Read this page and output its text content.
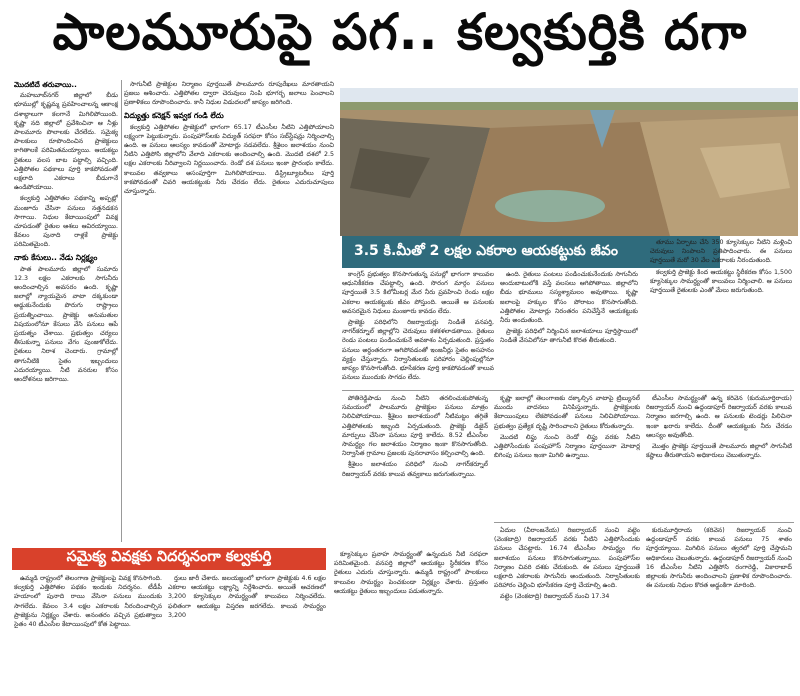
పాలమూరుపై పగ.. కల్వకుర్తికి దగా
మొదటిదే తరువాయి..

మహబూబ్‌నగర్‌ జిల్లాలో బీడు భూముల్లో కృష్ణమ్మ ప్రవహించాలన్న ఆకాంక్ష దశాబ్దాలుగా కలగానే మిగిలిపోయింది. కృష్ణా నది జిల్లాలో ప్రవేశించినా ఆ నీళ్లు పాలమూరు పొలాలకు చేరలేదు. సమైక్య పాలకులు రూపొందించిన ప్రాజెక్టులు కాగితాలకే పరిమితమయ్యాయి. ఆయకట్టు రైతులు వలస బాట పట్టాల్సి వచ్చింది. ఎత్తిపోతల పథకాలు పూర్తి కాకపోవడంతో లక్షలాది ఎకరాలు బీడుగానే ఉండిపోయాయి.

కల్వకుర్తి ఎత్తిపోతల పథకాన్ని అప్పట్లో మంజూరు చేసినా పనులు నత్తనడకన సాగాయి. నిధుల కేటాయింపులో వివక్ష చూపడంతో రైతుల ఆశలు ఆవిరయ్యాయి. కేవలం పునాది రాళ్లకే ప్రాజెక్టు పరిమితమైంది.

నాకు కేసులు.. నేడు నిర్లక్ష్యం

పాత పాలమూరు జిల్లాలో సుమారు 12.3 లక్షల ఎకరాలకు సాగునీరు అందించాల్సిన అవసరం ఉంది. కృష్ణా జలాల్లో న్యాయమైన వాటా దక్కకుండా అడ్డుకునేందుకు పొరుగు రాష్ట్రాలు ప్రయత్నించాయి. ప్రాజెక్టు అనుమతుల విషయంలోనూ కేసులు వేసి పనులు ఆపే ప్రయత్నం చేశాయి. ప్రభుత్వం చర్యలు తీసుకున్నా పనులు వేగం పుంజుకోలేదు. రైతులు నిరాశ చెందారు. గ్రామాల్లో తాగునీటికి సైతం ఇబ్బందులు ఎదురయ్యాయి. నీటి వనరుల కోసం ఆందోళనలు జరిగాయి.

సాగునీటి ప్రాజెక్టుల నిర్మాణం పూర్తయితే పాలమూరు రూపురేఖలు మారతాయని ప్రజలు ఆశించారు. ఎత్తిపోతల ద్వారా చెరువులు నింపి భూగర్భ జలాలు పెంచాలని ప్రణాళికలు రూపొందించారు. కానీ నిధుల విడుదలలో జాప్యం జరిగింది.

విద్యుత్తు కనెక్షన్‌ ఇవ్వక గండి లేదు

కల్వకుర్తి ఎత్తిపోతల ప్రాజెక్టులో భాగంగా 65.17 టీఎంసీల నీటిని ఎత్తిపోయాలని లక్ష్యంగా పెట్టుకున్నారు. పంపుహౌస్‌లకు విద్యుత్‌ సరఫరా కోసం సబ్‌స్టేషన్లు నిర్మించాల్సి ఉంది. ఆ పనులు ఆలస్యం కావడంతో మోటార్లు నడవలేదు. శ్రీశైలం జలాశయం నుంచి నీటిని ఎత్తిపోసి జిల్లాలోని వేలాది ఎకరాలకు అందించాల్సి ఉంది. మొదటి దశలో 2.5 లక్షల ఎకరాలకు నీరివ్వాలని నిర్ణయించారు. రెండో దశ పనులు ఇంకా ప్రారంభం కాలేదు. కాలువల తవ్వకాలు అసంపూర్తిగా మిగిలిపోయాయి. డిస్ట్రిబ్యూటరీలు పూర్తి కాకపోవడంతో చివరి ఆయకట్టుకు నీరు చేరడం లేదు. రైతులు ఎదురుచూపులు చూస్తున్నారు.

3.5 కి.మీతో 2 లక్షల ఎకరాల ఆయకట్టుకు జీవం

కాంగ్రెస్‌ ప్రభుత్వం కొనసాగుతున్న పనుల్లో భాగంగా కాలువల ఆధునికీకరణ చేపట్టాల్సి ఉంది. సొరంగ మార్గం పనులు పూర్తయితే 3.5 కిలోమీటర్ల మేర నీరు ప్రవహించి రెండు లక్షల ఎకరాల ఆయకట్టుకు జీవం పోస్తుంది. అయితే ఆ పనులకు అవసరమైన నిధులు మంజూరు కావడం లేదు.

ప్రాజెక్టు పరిధిలోని రిజర్వాయర్లు నిండితే వనపర్తి, నాగర్‌కర్నూల్‌ జిల్లాల్లోని చెరువులు కళకళలాడతాయి. రైతులు రెండు పంటలు పండించుకునే అవకాశం ఏర్పడుతుంది. ప్రస్తుతం పనులు అర్ధంతరంగా ఆగిపోవడంతో ఇంజనీర్లు సైతం అసహనం వ్యక్తం చేస్తున్నారు. నిర్వాసితులకు పరిహారం చెల్లింపుల్లోనూ జాప్యం కొనసాగుతోంది. భూసేకరణ పూర్తి కాకపోవడంతో కాలువ పనులు ముందుకు సాగడం లేదు.

ఉంది. రైతులు పంటలు పండించుకునేందుకు సాగునీరు అందుబాటులోకి వస్తే వలసలు ఆగిపోతాయి. జిల్లాలోని బీడు భూములు సస్యశ్యామలం అవుతాయి. కృష్ణా జలాలపై హక్కుల కోసం పోరాటం కొనసాగుతోంది. ఎత్తిపోతల మోటార్లు నిరంతరం పనిచేస్తేనే ఆయకట్టుకు నీరు అందుతుంది.

ప్రాజెక్టు పరిధిలో నిర్మించిన జలాశయాలు పూర్తిస్థాయిలో నిండితే వేసవిలోనూ తాగునీటి కొరత తీరుతుంది.

తూము ఏర్పాటు చేసి 350 క్యూసెక్కుల నీటిని మళ్లించి చెరువులు నింపాలని ప్రతిపాదించారు. ఈ పనులు పూర్తయితే మరో 30 వేల ఎకరాలకు నీరందుతుంది.

కల్వకుర్తి ప్రాజెక్టు కింద ఆయకట్టు స్థిరీకరణ కోసం 1,500 క్యూసెక్కుల సామర్థ్యంతో కాలువలు నిర్మించాలి. ఆ పనులు పూర్తయితే రైతులకు ఎంతో మేలు జరుగుతుంది.

పోతిరెడ్డిపాడు నుంచి నీటిని తరలించుకుపోతున్న సమయంలో పాలమూరు ప్రాజెక్టుల పనులు మాత్రం నిలిచిపోయాయి. శ్రీశైలం జలాశయంలో నీటిమట్టం తగ్గితే ఎత్తిపోతలకు ఇబ్బంది ఏర్పడుతుంది. ప్రాజెక్టు డిజైన్‌ మార్పులు చేసినా పనులు పూర్తి కాలేదు. 8.52 టీఎంసీల సామర్థ్యం గల జలాశయం నిర్మాణం ఇంకా కొనసాగుతోంది. నిర్వాసిత గ్రామాల ప్రజలకు పునరావాసం కల్పించాల్సి ఉంది.

శ్రీశైలం జలాశయం పరిధిలో నుంచి నాగర్‌కర్నూల్‌ రిజర్వాయర్‌ వరకు కాలువ తవ్వకాలు జరుగుతున్నాయి.

కృష్ణా జలాల్లో తెలంగాణకు దక్కాల్సిన వాటాపై ట్రిబ్యునల్‌ ముందు వాదనలు వినిపిస్తున్నారు. ప్రాజెక్టులకు కేటాయింపులు లేకపోవడంతో పనులు నిలిచిపోయాయి. ప్రభుత్వం ప్రత్యేక దృష్టి సారించాలని రైతులు కోరుతున్నారు.

మొదటి లిఫ్టు నుంచి రెండో లిఫ్టు వరకు నీటిని ఎత్తిపోసేందుకు పంపుహౌస్‌ నిర్మాణం పూర్తయినా మోటార్ల బిగింపు పనులు ఇంకా మిగిలి ఉన్నాయి.

టీఎంసీల సామర్థ్యంతో ఉన్న కరివెన (కురుమూర్తిరాయ) రిజర్వాయర్‌ నుంచి ఉద్దండాపూర్‌ రిజర్వాయర్‌ వరకు కాలువ నిర్మాణం జరగాల్సి ఉంది. ఆ పనులకు టెండర్లు పిలిచినా ఇంకా ఖరారు కాలేదు. దీంతో ఆయకట్టుకు నీరు చేరడం ఆలస్యం అవుతోంది.

మొత్తం ప్రాజెక్టు పూర్తయితే పాలమూరు జిల్లాలో సాగునీటి కష్టాలు తీరుతాయని అధికారులు చెబుతున్నారు.

ఏదుల (వీరాంజనేయ) రిజర్వాయర్‌ నుంచి వట్టెం (వెంకటాద్రి) రిజర్వాయర్‌ వరకు నీటిని ఎత్తిపోసేందుకు పనులు చేపట్టారు. 16.74 టీఎంసీల సామర్థ్యం గల జలాశయం పనులు కొనసాగుతున్నాయి. పంపుహౌస్‌ల నిర్మాణం చివరి దశకు చేరుకుంది. ఈ పనులు పూర్తయితే లక్షలాది ఎకరాలకు సాగునీరు అందుతుంది. నిర్వాసితులకు పరిహారం చెల్లించి భూసేకరణ పూర్తి చేయాల్సి ఉంది.

వట్టెం (వెంకటాద్రి) రిజర్వాయర్‌ నుంచి 17.34

కురుమూర్తిరాయ (కరివెన) రిజర్వాయర్‌ నుంచి ఉద్దండాపూర్‌ వరకు కాలువ పనులు 75 శాతం పూర్తయ్యాయి. మిగిలిన పనులు త్వరలో పూర్తి చేస్తామని అధికారులు చెబుతున్నారు. ఉద్దండాపూర్‌ రిజర్వాయర్‌ నుంచి 16 టీఎంసీల నీటిని ఎత్తిపోసి రంగారెడ్డి, వికారాబాద్‌ జిల్లాలకు సాగునీరు అందించాలని ప్రణాళిక రూపొందించారు. ఈ పనులకు నిధుల కొరత అడ్డంకిగా మారింది.

సమైక్య వివక్షకు నిదర్శనంగా కల్వకుర్తి

ఉమ్మడి రాష్ట్రంలో తెలంగాణ ప్రాజెక్టులపై వివక్ష కొనసాగింది. కల్వకుర్తి ఎత్తిపోతల పథకం ఇందుకు నిదర్శనం. టీడీపీ హయాంలో పునాది రాయి వేసినా పనులు ముందుకు సాగలేదు. కేవలం 3.4 లక్షల ఎకరాలకు నీరందించాల్సిన ప్రాజెక్టును నిర్లక్ష్యం చేశారు. అనంతరం వచ్చిన ప్రభుత్వాలు సైతం 40 టీఎంసీల కేటాయింపులో కోత పెట్టాయి.

ర్తులు జారీ చేశారు. జలయజ్ఞంలో భాగంగా ప్రాజెక్టుకు 4.6 లక్షల ఎకరాల ఆయకట్టు లక్ష్యాన్ని నిర్దేశించారు. అయితే ఆచరణలో 3,200 క్యూసెక్కుల సామర్థ్యంతో కాలువలు నిర్మించలేదు. ఫలితంగా ఆయకట్టు విస్తరణ జరగలేదు. కాలువ సామర్థ్యం 3,200

క్యూసెక్కుల ప్రవాహ సామర్థ్యంతో ఉన్నందున నీటి సరఫరా పరిమితమైంది. వనపర్తి జిల్లాలో ఆయకట్టు స్థిరీకరణ కోసం రైతులు ఎదురు చూస్తున్నారు. ఉమ్మడి రాష్ట్రంలో పాలకులు కాలువల సామర్థ్యం పెంచకుండా నిర్లక్ష్యం చేశారు. ప్రస్తుతం ఆయకట్టు రైతులు ఇబ్బందులు పడుతున్నారు.
